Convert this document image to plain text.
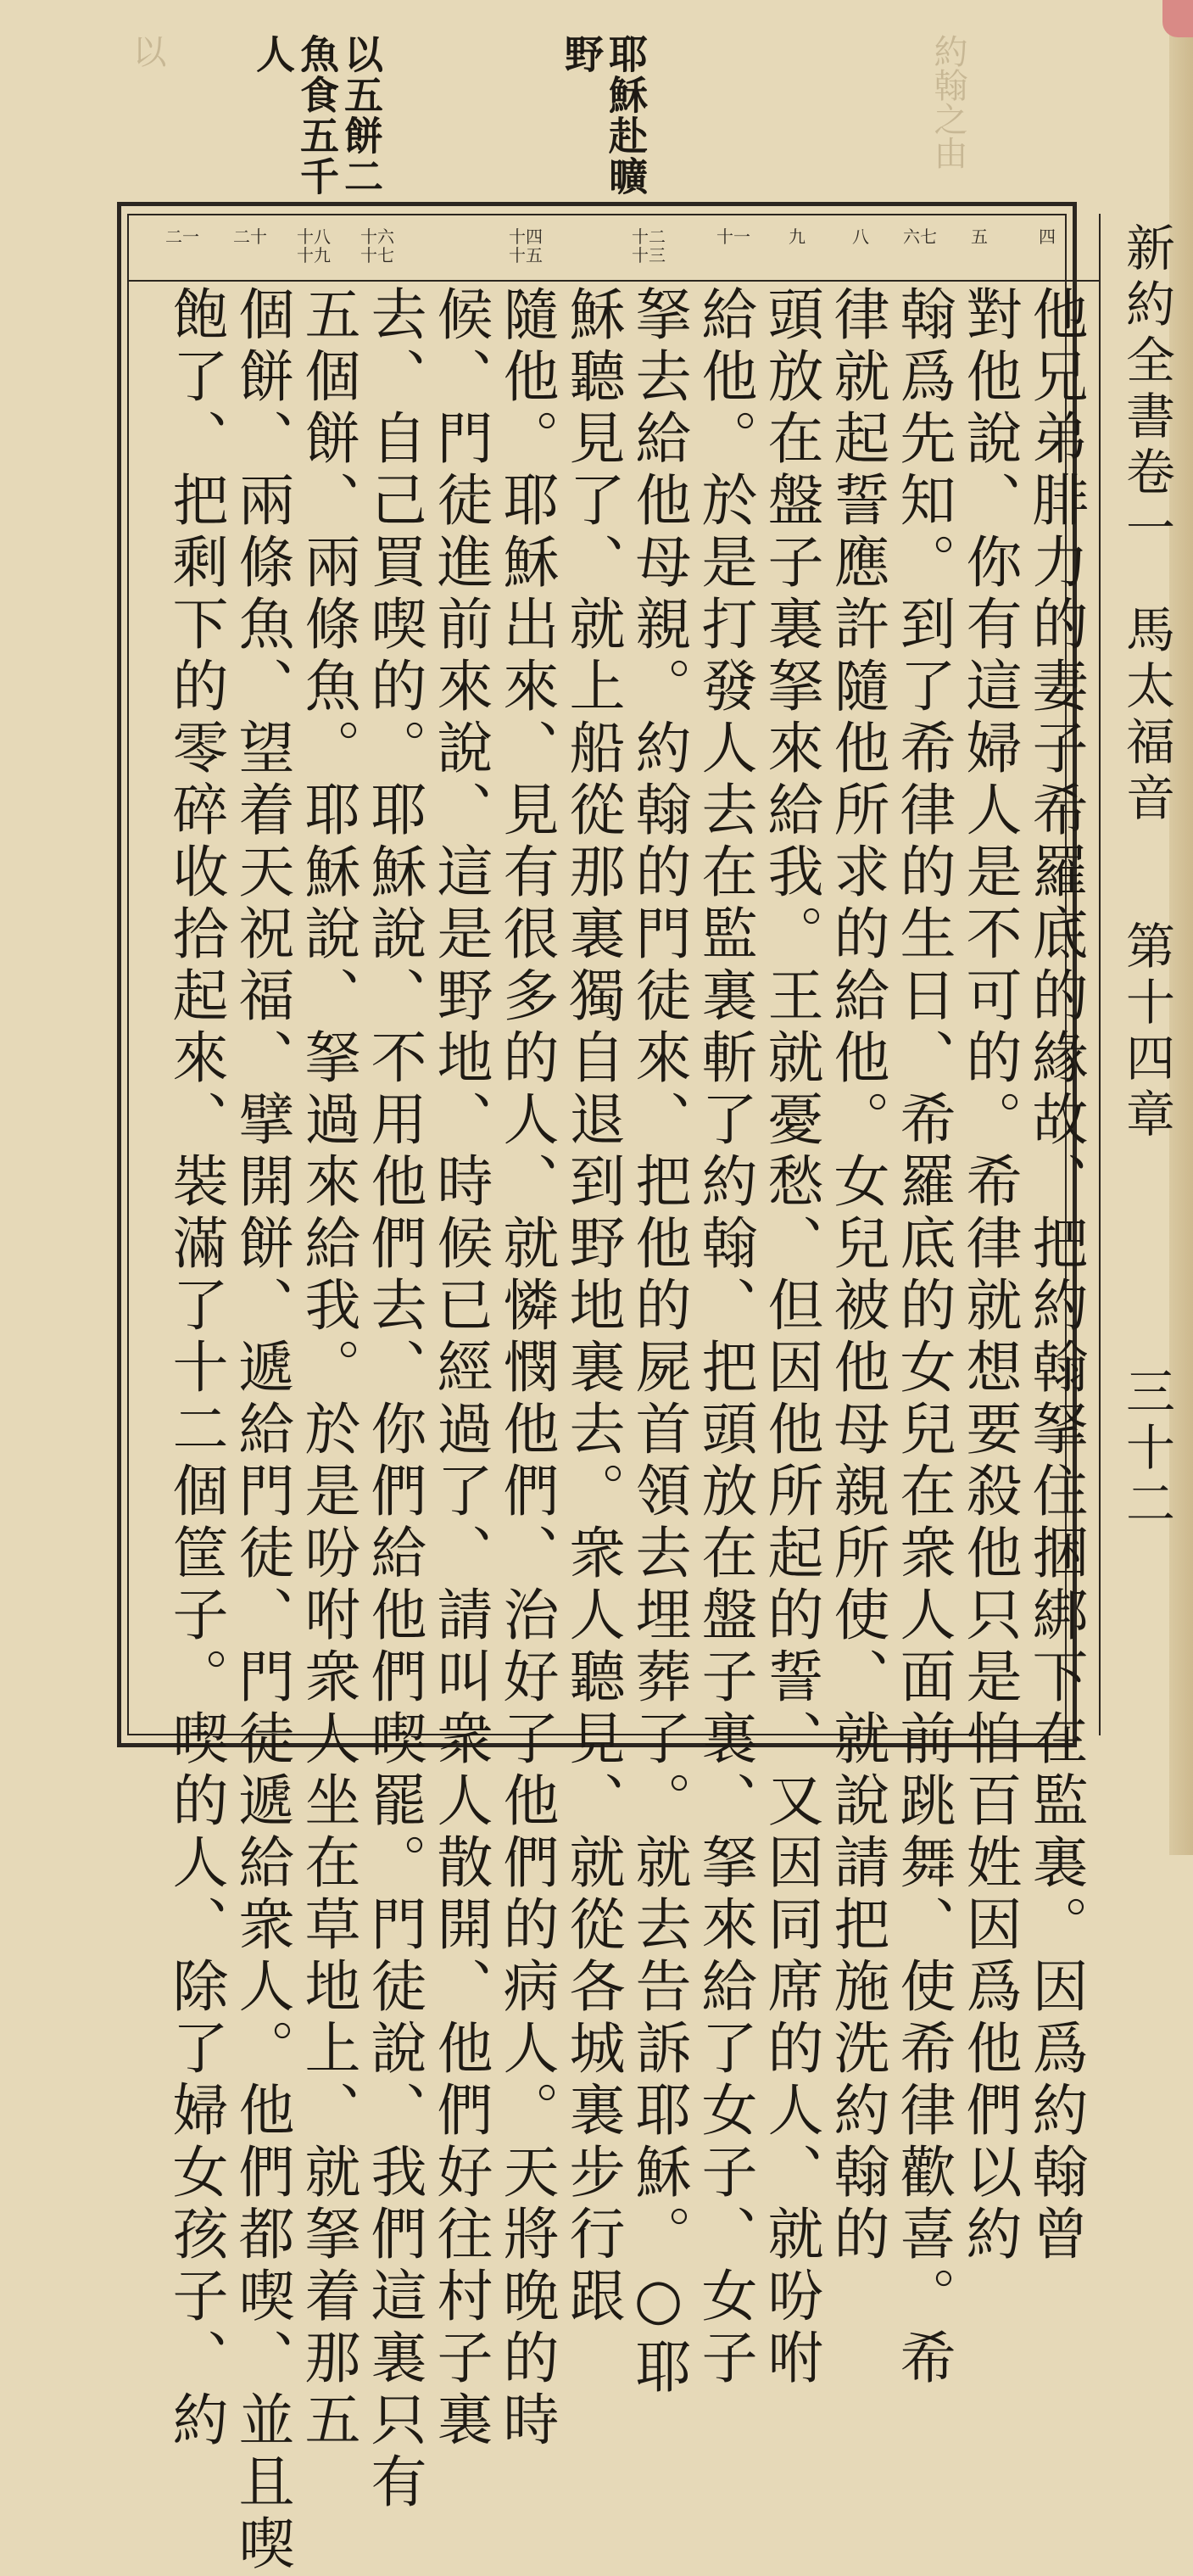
約翰之由
以	以五餅二
魚食五千
人	耶穌赴曠
野
新約全書卷一
馬太福音
第十四章
三十二
四
五
六七
八
九
十一
十二十三
十四十五
十六十七
十八十九
二十
二一
他兄弟腓力的妻子希羅底的緣故、把約翰拏住捆綁下在監裏。因爲約翰曾
對他說、你有這婦人是不可的。希律就想要殺他只是怕百姓因爲他們以約
翰爲先知。到了希律的生日、希羅底的女兒在衆人面前跳舞、使希律歡喜。希
律就起誓應許隨他所求的給他。女兒被他母親所使、就說請把施洗約翰的
頭放在盤子裏拏來給我。王就憂愁、但因他所起的誓、又因同席的人、就吩咐
給他。於是打發人去在監裏斬了約翰、把頭放在盤子裏、拏來給了女子、女子
拏去給他母親。約翰的門徒來、把他的屍首領去埋葬了。就去告訴耶穌。○耶
穌聽見了、就上船從那裏獨自退到野地裏去。衆人聽見、就從各城裏步行跟
隨他。耶穌出來、見有很多的人、就憐憫他們、治好了他們的病人。天將晚的時
候、門徒進前來說、這是野地、時候已經過了、請叫衆人散開、他們好往村子裏
去、自己買喫的。耶穌說、不用他們去、你們給他們喫罷。門徒說、我們這裏只有
五個餅、兩條魚。耶穌說、拏過來給我。於是吩咐衆人坐在草地上、就拏着那五
個餅、兩條魚、望着天祝福、擘開餅、遞給門徒、門徒遞給衆人。他們都喫、並且喫
飽了、把剩下的零碎收拾起來、裝滿了十二個筐子。喫的人、除了婦女孩子、約
